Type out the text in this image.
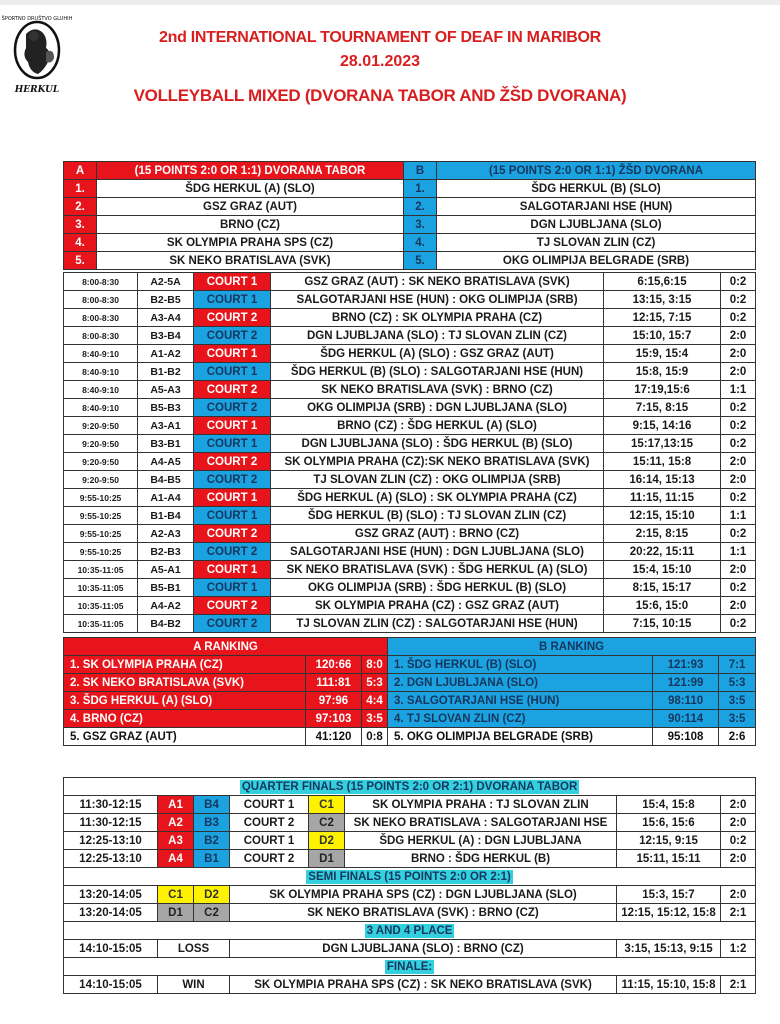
ŠPORTNO DRUŠTVO GLUHIH
HERKUL
2nd INTERNATIONAL TOURNAMENT OF DEAF IN MARIBOR
28.01.2023
VOLLEYBALL MIXED (DVORANA TABOR AND ŽŠD DVORANA)
A	(15 POINTS 2:0 OR 1:1) DVORANA TABOR	B	(15 POINTS 2:0 OR 1:1) ŽŠD DVORANA
1.	ŠDG HERKUL (A) (SLO)	1.	ŠDG HERKUL (B) (SLO)
2.	GSZ GRAZ (AUT)	2.	SALGOTARJANI HSE (HUN)
3.	BRNO (CZ)	3.	DGN LJUBLJANA (SLO)
4.	SK OLYMPIA PRAHA SPS (CZ)	4.	TJ SLOVAN ZLIN (CZ)
5.	SK NEKO BRATISLAVA (SVK)	5.	OKG OLIMPIJA BELGRADE (SRB)
8:00-8:30	A2-5A	COURT 1	GSZ GRAZ (AUT) : SK NEKO BRATISLAVA (SVK)	6:15,6:15	0:2
8:00-8:30	B2-B5	COURT 1	SALGOTARJANI HSE (HUN) : OKG OLIMPIJA (SRB)	13:15, 3:15	0:2
8:00-8:30	A3-A4	COURT 2	BRNO (CZ) : SK OLYMPIA PRAHA (CZ)	12:15, 7:15	0:2
8:00-8:30	B3-B4	COURT 2	DGN LJUBLJANA (SLO) : TJ SLOVAN ZLIN (CZ)	15:10, 15:7	2:0
8:40-9:10	A1-A2	COURT 1	ŠDG HERKUL (A) (SLO) : GSZ GRAZ (AUT)	15:9, 15:4	2:0
8:40-9:10	B1-B2	COURT 1	ŠDG HERKUL (B) (SLO) : SALGOTARJANI HSE (HUN)	15:8, 15:9	2:0
8:40-9:10	A5-A3	COURT 2	SK NEKO BRATISLAVA (SVK) : BRNO (CZ)	17:19,15:6	1:1
8:40-9:10	B5-B3	COURT 2	OKG OLIMPIJA (SRB) : DGN LJUBLJANA (SLO)	7:15, 8:15	0:2
9:20-9:50	A3-A1	COURT 1	BRNO (CZ) : ŠDG HERKUL (A) (SLO)	9:15, 14:16	0:2
9:20-9:50	B3-B1	COURT 1	DGN LJUBLJANA (SLO) : ŠDG HERKUL (B) (SLO)	15:17,13:15	0:2
9:20-9:50	A4-A5	COURT 2	SK OLYMPIA PRAHA (CZ):SK NEKO BRATISLAVA (SVK)	15:11, 15:8	2:0
9:20-9:50	B4-B5	COURT 2	TJ SLOVAN ZLIN (CZ) : OKG OLIMPIJA (SRB)	16:14, 15:13	2:0
9:55-10:25	A1-A4	COURT 1	ŠDG HERKUL (A) (SLO) : SK OLYMPIA PRAHA (CZ)	11:15, 11:15	0:2
9:55-10:25	B1-B4	COURT 1	ŠDG HERKUL (B) (SLO) : TJ SLOVAN ZLIN (CZ)	12:15, 15:10	1:1
9:55-10:25	A2-A3	COURT 2	GSZ GRAZ (AUT) : BRNO (CZ)	2:15, 8:15	0:2
9:55-10:25	B2-B3	COURT 2	SALGOTARJANI HSE (HUN) : DGN LJUBLJANA (SLO)	20:22, 15:11	1:1
10:35-11:05	A5-A1	COURT 1	SK NEKO BRATISLAVA (SVK) : ŠDG HERKUL (A) (SLO)	15:4, 15:10	2:0
10:35-11:05	B5-B1	COURT 1	OKG OLIMPIJA (SRB) : ŠDG HERKUL (B) (SLO)	8:15, 15:17	0:2
10:35-11:05	A4-A2	COURT 2	SK OLYMPIA PRAHA (CZ) : GSZ GRAZ (AUT)	15:6, 15:0	2:0
10:35-11:05	B4-B2	COURT 2	TJ SLOVAN ZLIN (CZ) : SALGOTARJANI HSE (HUN)	7:15, 10:15	0:2
A RANKING			B RANKING		
1. SK OLYMPIA PRAHA (CZ)	120:66	8:0	1. ŠDG HERKUL (B) (SLO)	121:93	7:1
2. SK NEKO BRATISLAVA (SVK)	111:81	5:3	2. DGN LJUBLJANA (SLO)	121:99	5:3
3. ŠDG HERKUL (A) (SLO)	97:96	4:4	3. SALGOTARJANI HSE (HUN)	98:110	3:5
4. BRNO (CZ)	97:103	3:5	4. TJ SLOVAN ZLIN (CZ)	90:114	3:5
5. GSZ GRAZ (AUT)	41:120	0:8	5. OKG OLIMPIJA BELGRADE (SRB)	95:108	2:6
QUARTER FINALS (15 POINTS 2:0 OR 2:1) DVORANA TABOR							
11:30-12:15	A1	B4	COURT 1	C1	SK OLYMPIA PRAHA : TJ SLOVAN ZLIN	15:4, 15:8	2:0
11:30-12:15	A2	B3	COURT 2	C2	SK NEKO BRATISLAVA : SALGOTARJANI HSE	15:6, 15:6	2:0
12:25-13:10	A3	B2	COURT 1	D2	ŠDG HERKUL (A) : DGN LJUBLJANA	12:15, 9:15	0:2
12:25-13:10	A4	B1	COURT 2	D1	BRNO : ŠDG HERKUL (B)	15:11, 15:11	2:0
SEMI FINALS (15 POINTS 2:0 OR 2:1)							
13:20-14:05	C1	D2	SK OLYMPIA PRAHA SPS (CZ) : DGN LJUBLJANA (SLO)			15:3, 15:7	2:0
13:20-14:05	D1	C2	SK NEKO BRATISLAVA (SVK) : BRNO (CZ)			12:15, 15:12, 15:8	2:1
3 AND 4 PLACE							
14:10-15:05	LOSS		DGN LJUBLJANA (SLO) : BRNO (CZ)			3:15, 15:13, 9:15	1:2
FINALE:							
14:10-15:05	WIN		SK OLYMPIA PRAHA SPS (CZ) : SK NEKO BRATISLAVA (SVK)			11:15, 15:10, 15:8	2:1
